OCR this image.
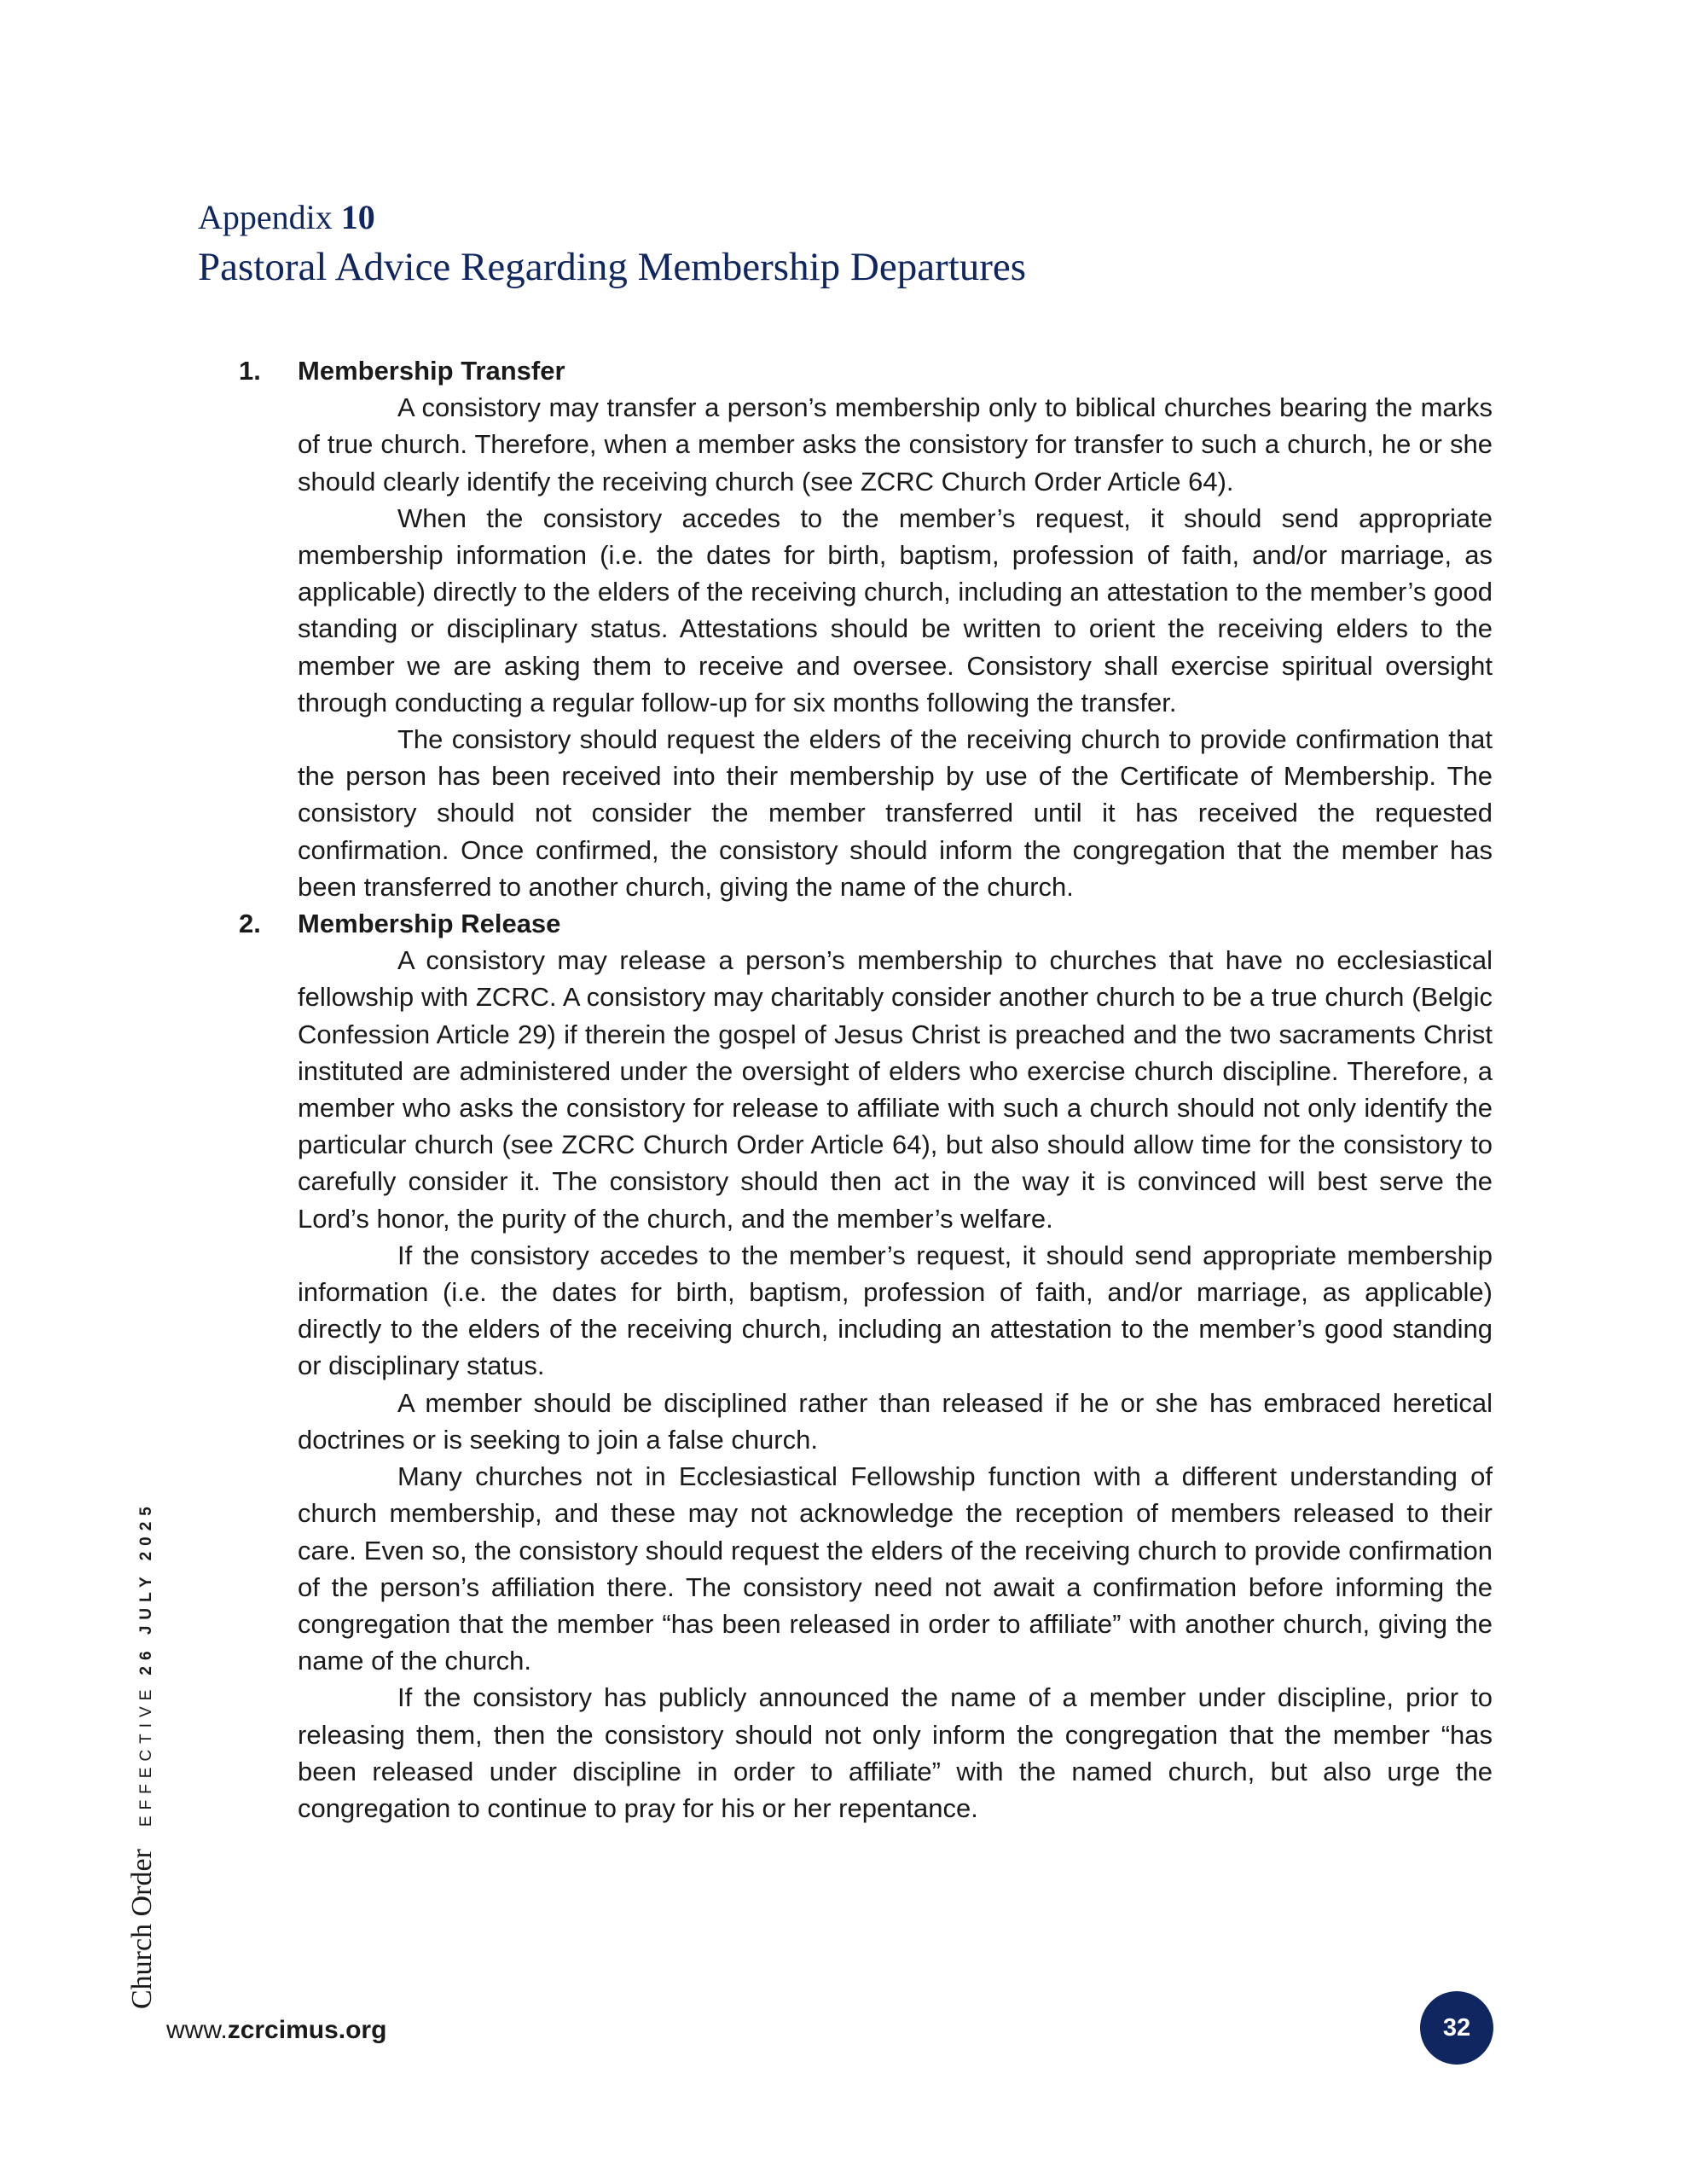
Appendix 10
Pastoral Advice Regarding Membership Departures
1.	Membership Transfer

A consistory may transfer a person’s membership only to biblical churches bearing the marks of true church. Therefore, when a member asks the consistory for transfer to such a church, he or she should clearly identify the receiving church (see ZCRC Church Order Article 64).

When the consistory accedes to the member’s request, it should send appropriate membership information (i.e. the dates for birth, baptism, profession of faith, and/or marriage, as applicable) directly to the elders of the receiving church, including an attestation to the member’s good standing or disciplinary status. Attestations should be written to orient the receiving elders to the member we are asking them to receive and oversee. Consistory shall exercise spiritual oversight through conducting a regular follow-up for six months following the transfer.

The consistory should request the elders of the receiving church to provide confirmation that the person has been received into their membership by use of the Certificate of Membership. The consistory should not consider the member transferred until it has received the requested confirmation. Once confirmed, the consistory should inform the congregation that the member has been transferred to another church, giving the name of the church.

2.	Membership Release

A consistory may release a person’s membership to churches that have no ecclesiastical fellowship with ZCRC. A consistory may charitably consider another church to be a true church (Belgic Confession Article 29) if therein the gospel of Jesus Christ is preached and the two sacraments Christ instituted are administered under the oversight of elders who exercise church discipline. Therefore, a member who asks the consistory for release to affiliate with such a church should not only identify the particular church (see ZCRC Church Order Article 64), but also should allow time for the consistory to carefully consider it. The consistory should then act in the way it is convinced will best serve the Lord’s honor, the purity of the church, and the member’s welfare.

If the consistory accedes to the member’s request, it should send appropriate membership information (i.e. the dates for birth, baptism, profession of faith, and/or marriage, as applicable) directly to the elders of the receiving church, including an attestation to the member’s good standing or disciplinary status.

A member should be disciplined rather than released if he or she has embraced heretical doctrines or is seeking to join a false church.

Many churches not in Ecclesiastical Fellowship function with a different understanding of church membership, and these may not acknowledge the reception of members released to their care. Even so, the consistory should request the elders of the receiving church to provide confirmation of the person’s affiliation there. The consistory need not await a confirmation before informing the congregation that the member “has been released in order to affiliate” with another church, giving the name of the church.

If the consistory has publicly announced the name of a member under discipline, prior to releasing them, then the consistory should not only inform the congregation that the member “has been released under discipline in order to affiliate” with the named church, but also urge the congregation to continue to pray for his or her repentance.

Church Order
EFFECTIVE
26 JULY 2025
www.zcrcimus.org	32
